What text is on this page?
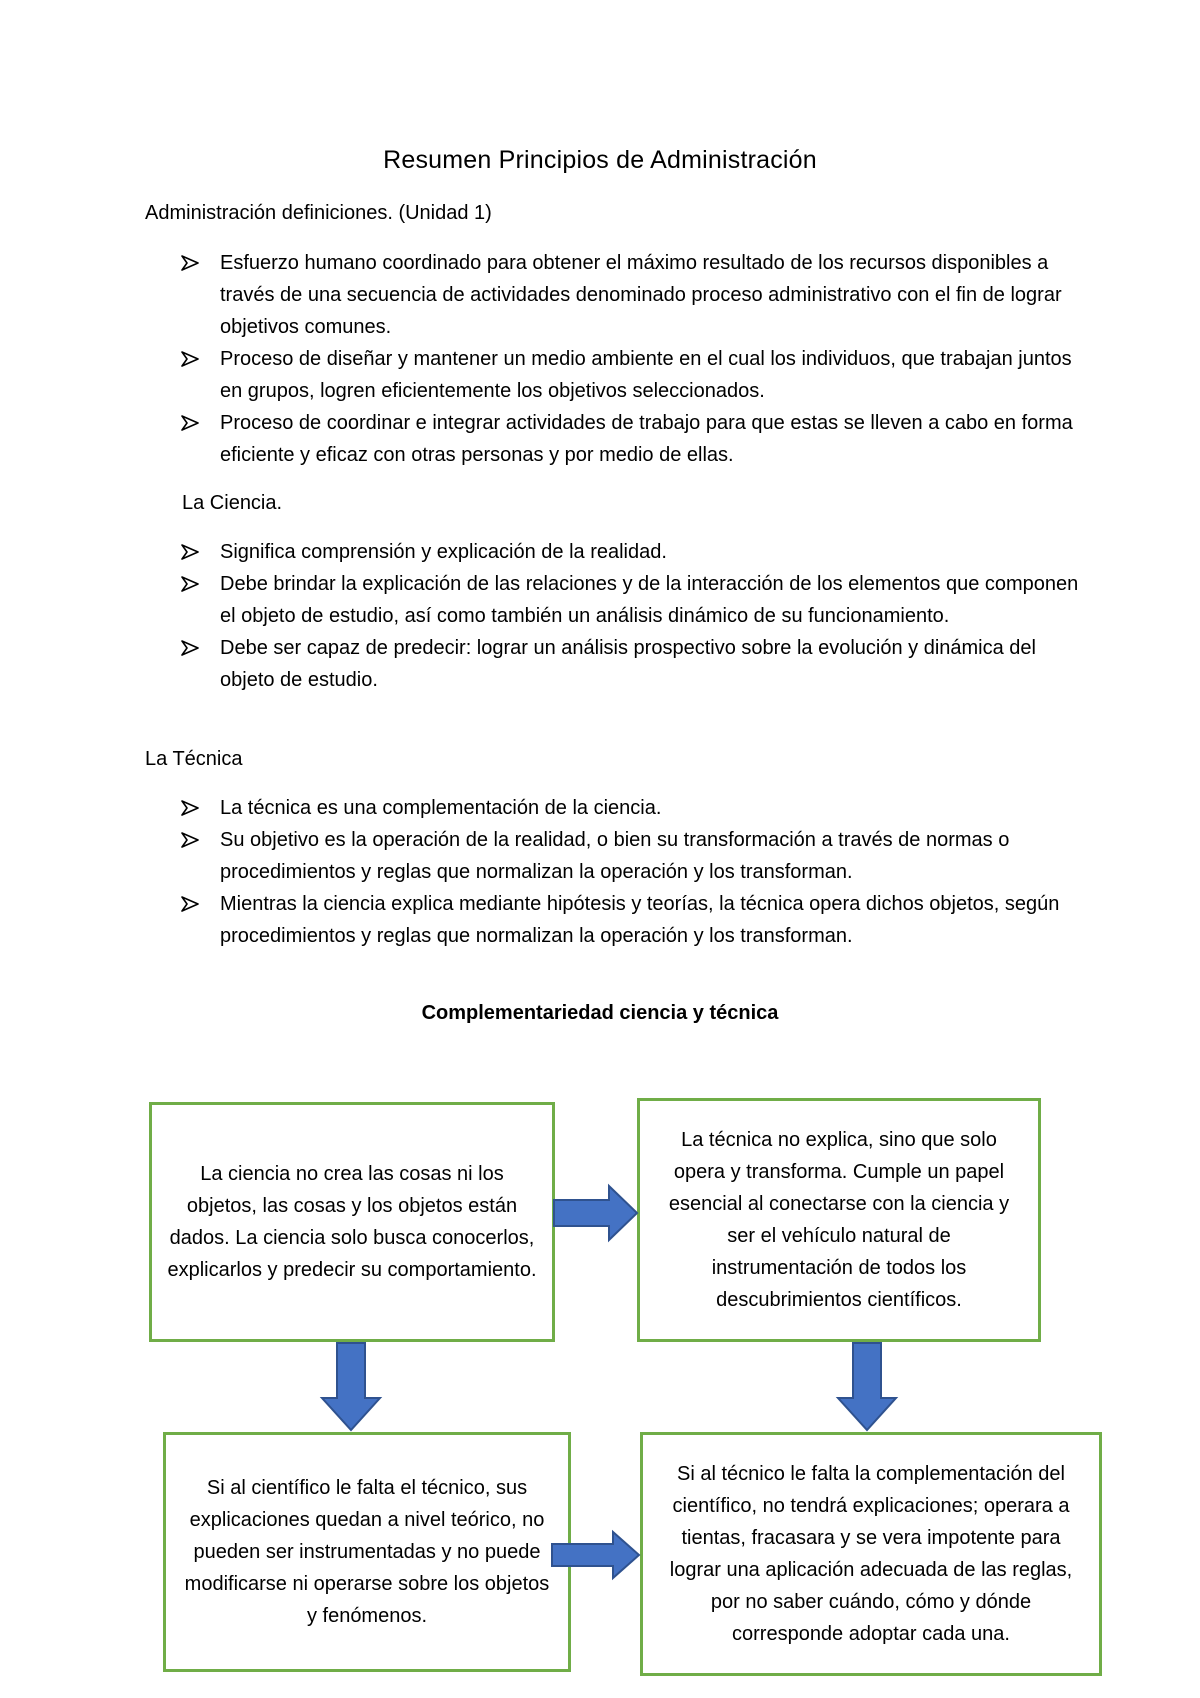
Resumen Principios de Administración
Administración definiciones. (Unidad 1)
Esfuerzo humano coordinado para obtener el máximo resultado de los recursos disponibles a través de una secuencia de actividades denominado proceso administrativo con el fin de lograr objetivos comunes.
Proceso de diseñar y mantener un medio ambiente en el cual los individuos, que trabajan juntos en grupos, logren eficientemente los objetivos seleccionados.
Proceso de coordinar e integrar actividades de trabajo para que estas se lleven a cabo en forma eficiente y eficaz con otras personas y por medio de ellas.
La Ciencia.
Significa comprensión y explicación de la realidad.
Debe brindar la explicación de las relaciones y de la interacción de los elementos que componen el objeto de estudio, así como también un análisis dinámico de su funcionamiento.
Debe ser capaz de predecir: lograr un análisis prospectivo sobre la evolución y dinámica del objeto de estudio.
La Técnica
La técnica es una complementación de la ciencia.
Su objetivo es la operación de la realidad, o bien su transformación a través de normas o procedimientos y reglas que normalizan la operación y los transforman.
Mientras la ciencia explica mediante hipótesis y teorías, la técnica opera dichos objetos, según procedimientos y reglas que normalizan la operación y los transforman.
Complementariedad ciencia y técnica
La ciencia no crea las cosas ni los objetos, las cosas y los objetos están dados. La ciencia solo busca conocerlos, explicarlos y predecir su comportamiento.
La técnica no explica, sino que solo opera y transforma. Cumple un papel esencial al conectarse con la ciencia y ser el vehículo natural de instrumentación de todos los descubrimientos científicos.
Si al científico le falta el técnico, sus explicaciones quedan a nivel teórico, no pueden ser instrumentadas y no puede modificarse ni operarse sobre los objetos y fenómenos.
Si al técnico le falta la complementación del científico, no tendrá explicaciones; operara a tientas, fracasara y se vera impotente para lograr una aplicación adecuada de las reglas, por no saber cuándo, cómo y dónde corresponde adoptar cada una.
